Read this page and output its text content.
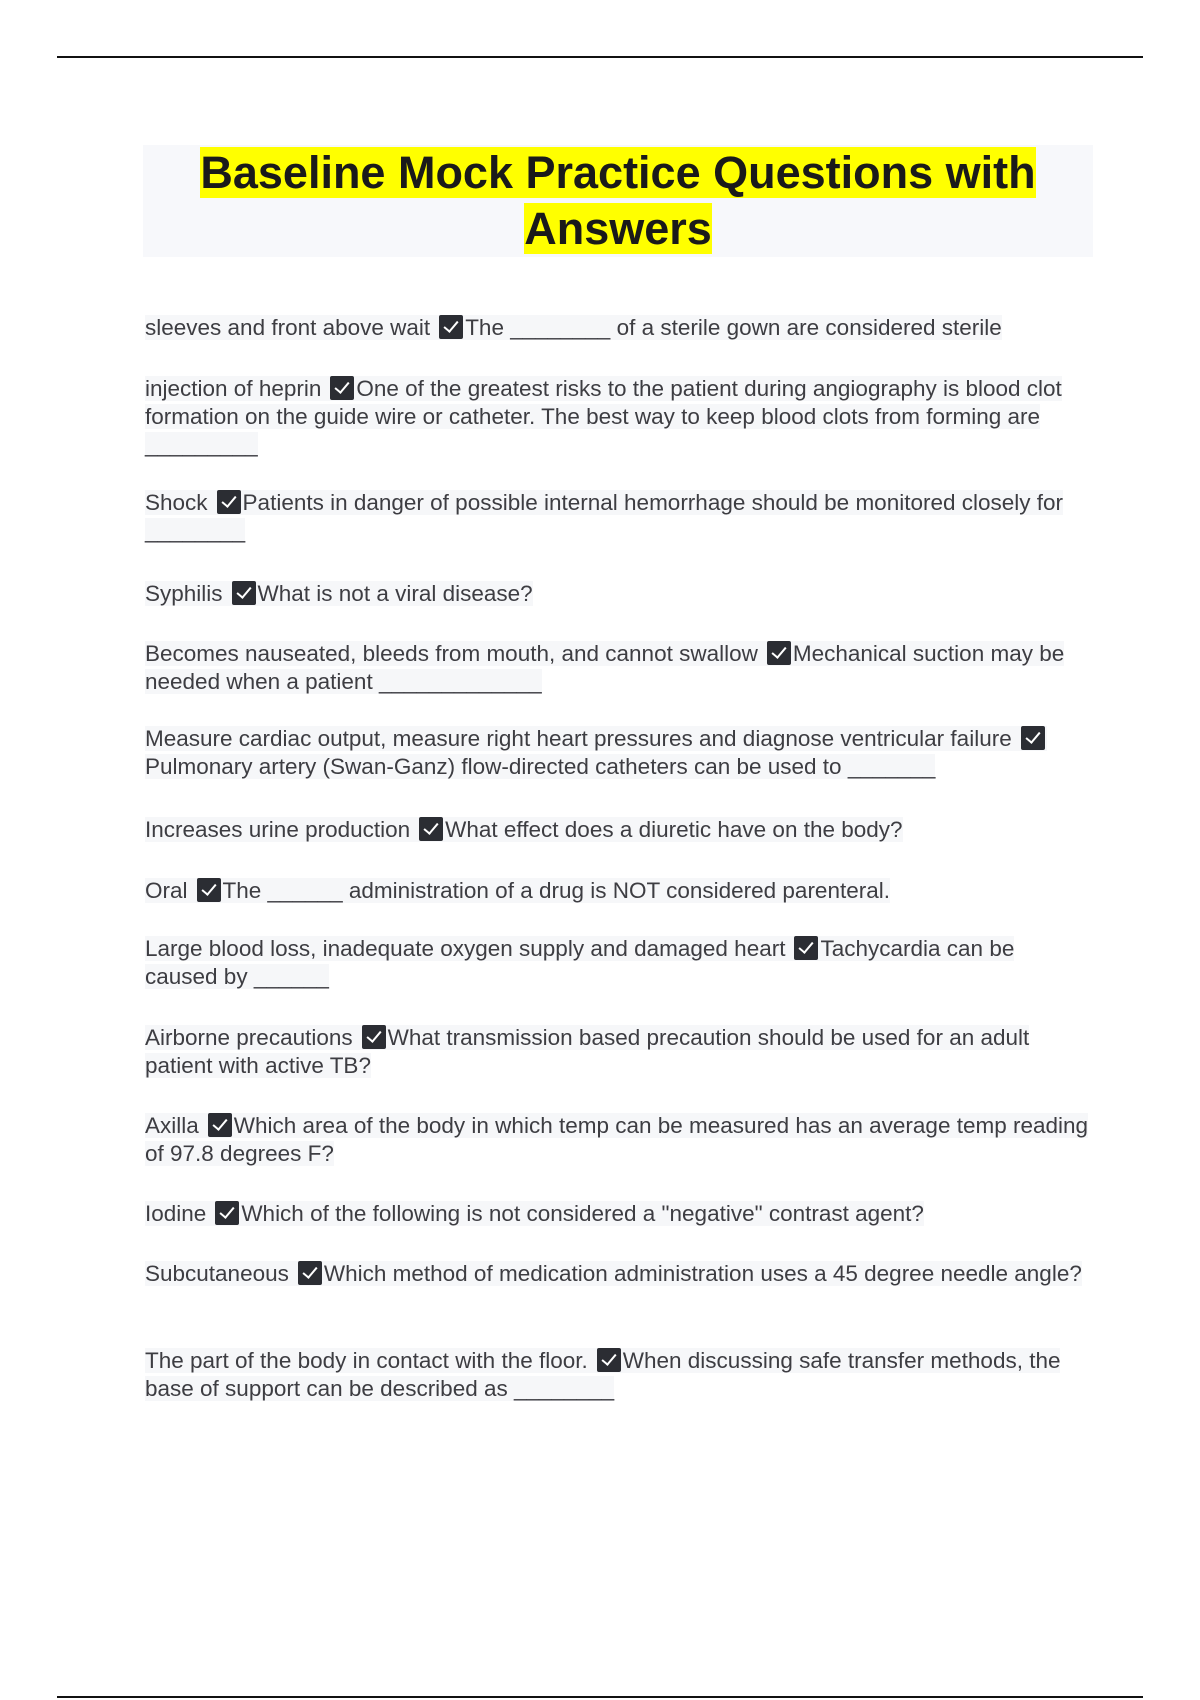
Baseline Mock Practice Questions with Answers
sleeves and front above wait The ________ of a sterile gown are considered sterile
injection of heprin One of the greatest risks to the patient during angiography is blood clot formation on the guide wire or catheter. The best way to keep blood clots from forming are _________
Shock Patients in danger of possible internal hemorrhage should be monitored closely for ________
Syphilis What is not a viral disease?
Becomes nauseated, bleeds from mouth, and cannot swallow Mechanical suction may be needed when a patient _____________
Measure cardiac output, measure right heart pressures and diagnose ventricular failurePulmonary artery (Swan-Ganz) flow-directed catheters can be used to _______
Increases urine production What effect does a diuretic have on the body?
Oral The ______ administration of a drug is NOT considered parenteral.
Large blood loss, inadequate oxygen supply and damaged heart Tachycardia can be caused by ______
Airborne precautions What transmission based precaution should be used for an adult patient with active TB?
Axilla Which area of the body in which temp can be measured has an average temp reading of 97.8 degrees F?
Iodine Which of the following is not considered a "negative" contrast agent?
Subcutaneous Which method of medication administration uses a 45 degree needle angle?
The part of the body in contact with the floor. When discussing safe transfer methods, the base of support can be described as ________
